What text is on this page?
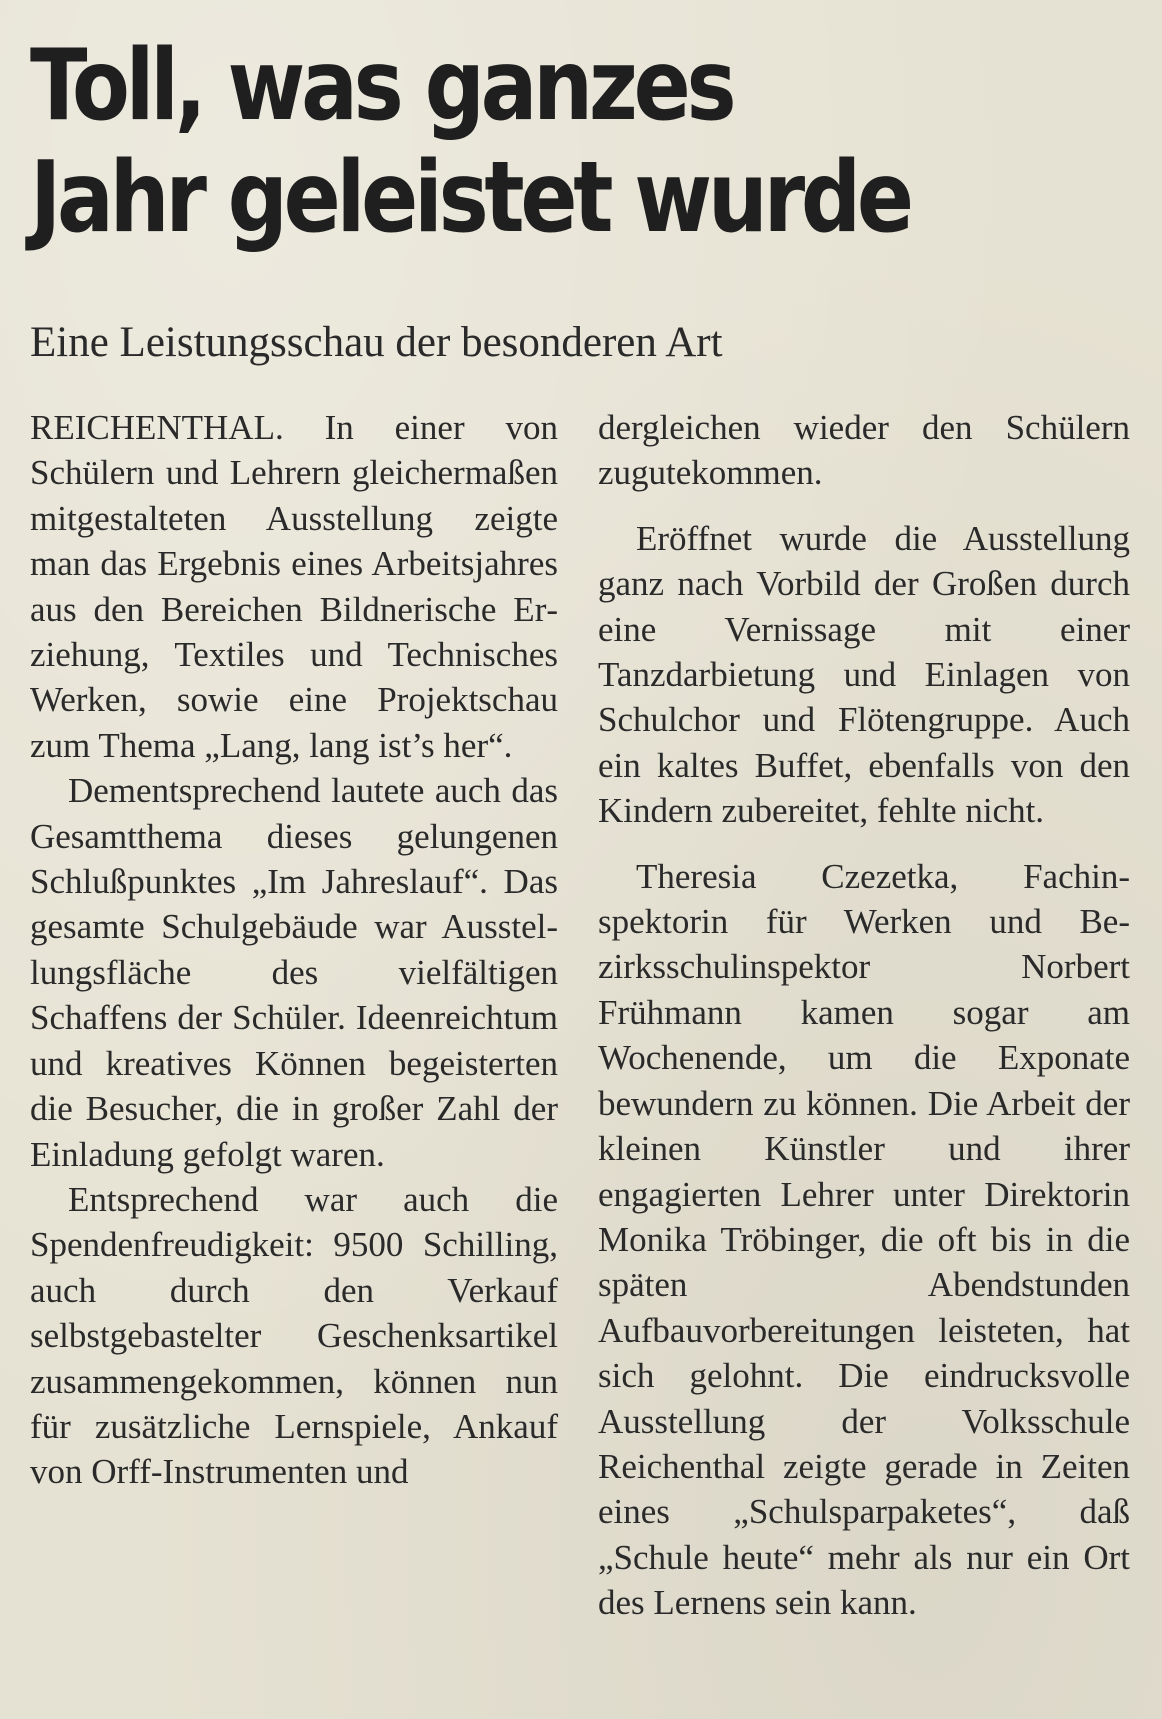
Toll, was ganzes
Jahr geleistet wurde
Eine Leistungsschau der besonderen Art

REICHENTHAL. In einer von Schülern und Lehrern gleichermaßen mitgestalteten Ausstellung zeigte man das Ergebnis eines Arbeitsjahres aus den Bereichen Bildnerische Erziehung, Textiles und Technisches Werken, sowie eine Projektschau zum Thema „Lang, lang ist’s her“.

Dementsprechend lautete auch das Gesamtthema dieses gelungenen Schlußpunktes „Im Jahreslauf“. Das gesamte Schulgebäude war Ausstellungsfläche des vielfältigen Schaffens der Schüler. Ideenreichtum und kreatives Können begeisterten die Besucher, die in großer Zahl der Einladung gefolgt waren.

Entsprechend war auch die Spendenfreudigkeit: 9500 Schilling, auch durch den Verkauf selbstgebastelter Geschenksartikel zusammengekommen, können nun für zusätzliche Lernspiele, Ankauf von Orff-Instrumenten und

dergleichen wieder den Schülern zugutekommen.

Eröffnet wurde die Ausstellung ganz nach Vorbild der Großen durch eine Vernissage mit einer Tanzdarbietung und Einlagen von Schulchor und Flötengruppe. Auch ein kaltes Buffet, ebenfalls von den Kindern zubereitet, fehlte nicht.

Theresia Czezetka, Fachinspektorin für Werken und Bezirksschulinspektor Norbert Frühmann kamen sogar am Wochenende, um die Exponate bewundern zu können. Die Arbeit der kleinen Künstler und ihrer engagierten Lehrer unter Direktorin Monika Tröbinger, die oft bis in die späten Abendstunden Aufbauvorbereitungen leisteten, hat sich gelohnt. Die eindrucksvolle Ausstellung der Volksschule Reichenthal zeigte gerade in Zeiten eines „Schulsparpaketes“, daß „Schule heute“ mehr als nur ein Ort des Lernens sein kann.
